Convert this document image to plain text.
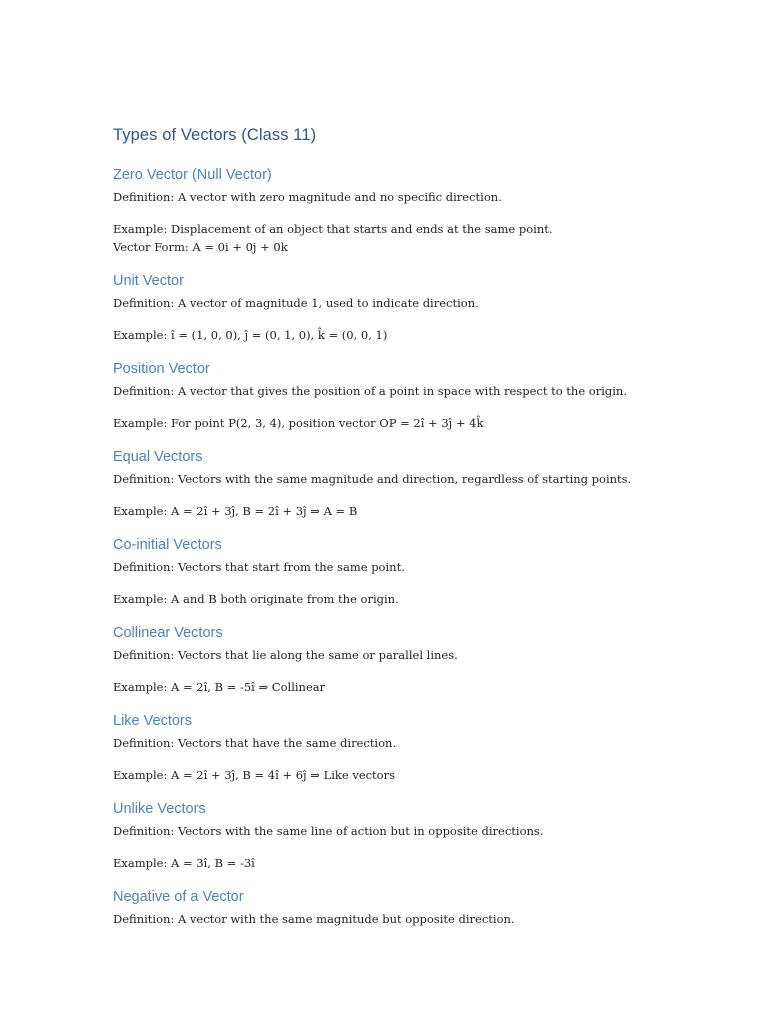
Types of Vectors (Class 11)
Zero Vector (Null Vector)

Definition: A vector with zero magnitude and no specific direction.

Example: Displacement of an object that starts and ends at the same point.

Vector Form: A = 0i + 0j + 0k

Unit Vector

Definition: A vector of magnitude 1, used to indicate direction.

Example: î = (1, 0, 0), ĵ = (0, 1, 0), k̂ = (0, 0, 1)

Position Vector

Definition: A vector that gives the position of a point in space with respect to the origin.

Example: For point P(2, 3, 4), position vector OP = 2î + 3ĵ + 4k̂

Equal Vectors

Definition: Vectors with the same magnitude and direction, regardless of starting points.

Example: A = 2î + 3ĵ, B = 2î + 3ĵ ⇒ A = B

Co-initial Vectors

Definition: Vectors that start from the same point.

Example: A and B both originate from the origin.

Collinear Vectors

Definition: Vectors that lie along the same or parallel lines.

Example: A = 2î, B = -5î ⇒ Collinear

Like Vectors

Definition: Vectors that have the same direction.

Example: A = 2î + 3ĵ, B = 4î + 6ĵ ⇒ Like vectors

Unlike Vectors

Definition: Vectors with the same line of action but in opposite directions.

Example: A = 3î, B = -3î

Negative of a Vector

Definition: A vector with the same magnitude but opposite direction.
